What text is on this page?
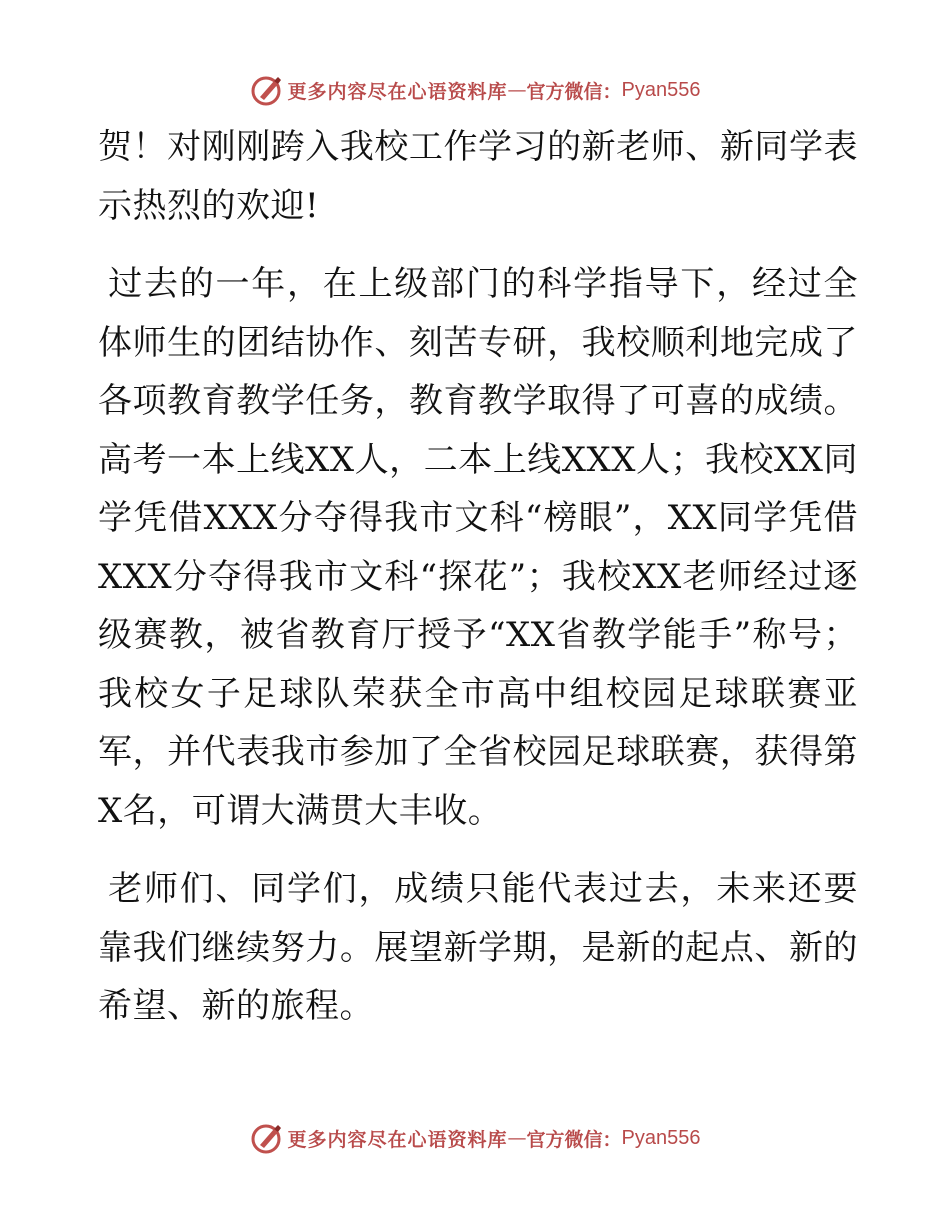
更多内容尽在心语资料库 — 官方微信： Pyan556

贺！对刚刚跨入我校工作学习的新老师、新同学表示热烈的欢迎!

过去的一年，在上级部门的科学指导下，经过全体师生的团结协作、刻苦专研，我校顺利地完成了各项教育教学任务，教育教学取得了可喜的成绩。高考一本上线XX人，二本上线XXX人；我校XX同学凭借XXX分夺得我市文科“榜眼”，XX同学凭借XXX分夺得我市文科“探花”；我校XX老师经过逐级赛教，被省教育厅授予“XX省教学能手”称号；我校女子足球队荣获全市高中组校园足球联赛亚军，并代表我市参加了全省校园足球联赛，获得第X名，可谓大满贯大丰收。

老师们、同学们，成绩只能代表过去，未来还要靠我们继续努力。展望新学期，是新的起点、新的希望、新的旅程。

更多内容尽在心语资料库 — 官方微信： Pyan556
